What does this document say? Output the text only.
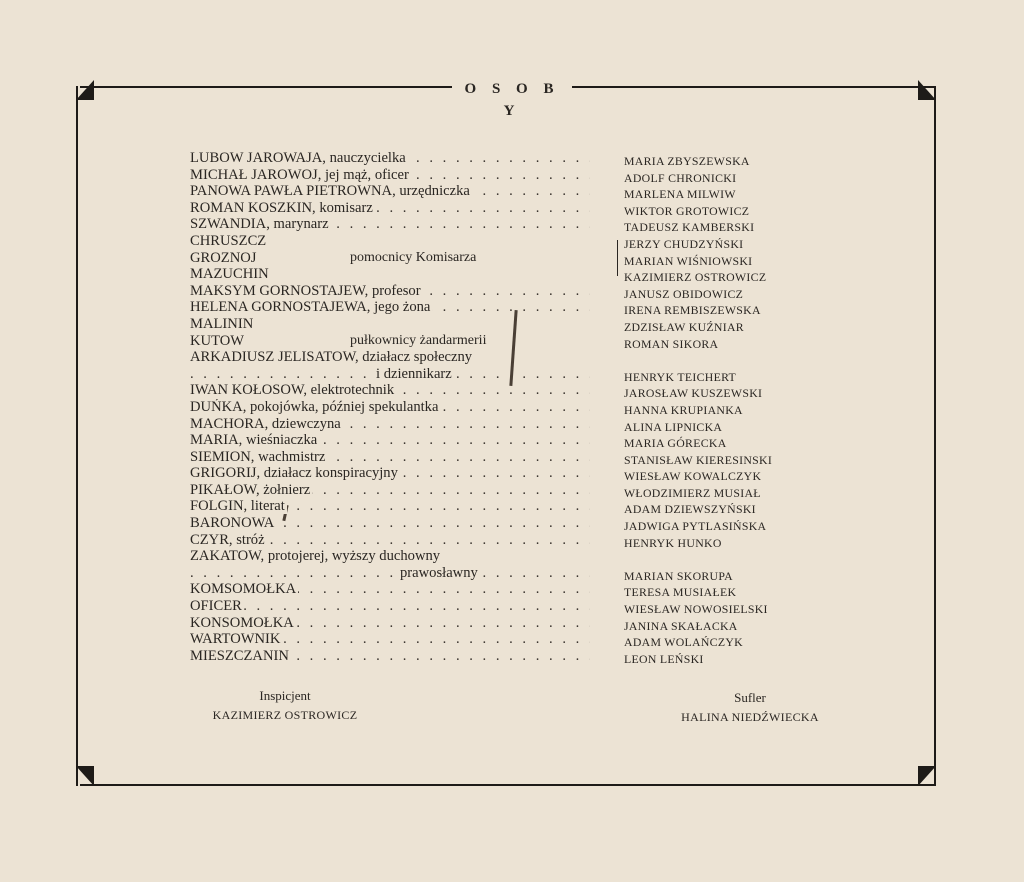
O S O B Y
LUBOW JAROWAJA, nauczycielka . . .
MICHAŁ JAROWOJ, jej mąż, oficer . . .
PANOWA PAWŁA PIETROWNA, urzędniczka . . .
ROMAN KOSZKIN, komisarz . . .
SZWANDIA, marynarz . . .
CHRUSZCZ
GROZNOJ	pomocnicy Komisarza
MAZUCHIN
MAKSYM GORNOSTAJEW, profesor . . .
HELENA GORNOSTAJEWA, jego żona . . .
MALININ
KUTOW	pułkownicy żandarmerii
ARKADIUSZ JELISATOW, działacz społeczny
i dziennikarz . . .
IWAN KOŁOSOW, elektrotechnik . . .
DUŃKA, pokojówka, później spekulantka . . .
MACHORA, dziewczyna . . .
MARIA, wieśniaczka . . .
SIEMION, wachmistrz . . .
GRIGORIJ, działacz konspiracyjny . . .
PIKAŁOW, żołnierz . . .
FOLGIN, literat . . .
BARONOWA . . .
CZYR, stróż . . .
ZAKATOW, protojerej, wyższy duchowny
prawosławny . . .
KOMSOMOŁKA . . .
OFICER . . .
KONSOMOŁKA . . .
WARTOWNIK . . .
MIESZCZANIN . . .
MARIA ZBYSZEWSKA
ADOLF CHRONICKI
MARLENA MILWIW
WIKTOR GROTOWICZ
TADEUSZ KAMBERSKI
JERZY CHUDZYŃSKI
MARIAN WIŚNIOWSKI
KAZIMIERZ OSTROWICZ
JANUSZ OBIDOWICZ
IRENA REMBISZEWSKA
ZDZISŁAW KUŹNIAR
ROMAN SIKORA
HENRYK TEICHERT
JAROSŁAW KUSZEWSKI
HANNA KRUPIANKA
ALINA LIPNICKA
MARIA GÓRECKA
STANISŁAW KIERESINSKI
WIESŁAW KOWALCZYK
WŁODZIMIERZ MUSIAŁ
ADAM DZIEWSZYŃSKI
JADWIGA PYTLASIŃSKA
HENRYK HUNKO
MARIAN SKORUPA
TERESA MUSIAŁEK
WIESŁAW NOWOSIELSKI
JANINA SKAŁACKA
ADAM WOLAŃCZYK
LEON LEŃSKI
Inspicjent
KAZIMIERZ OSTROWICZ
Sufler
HALINA NIEDŹWIECKA
